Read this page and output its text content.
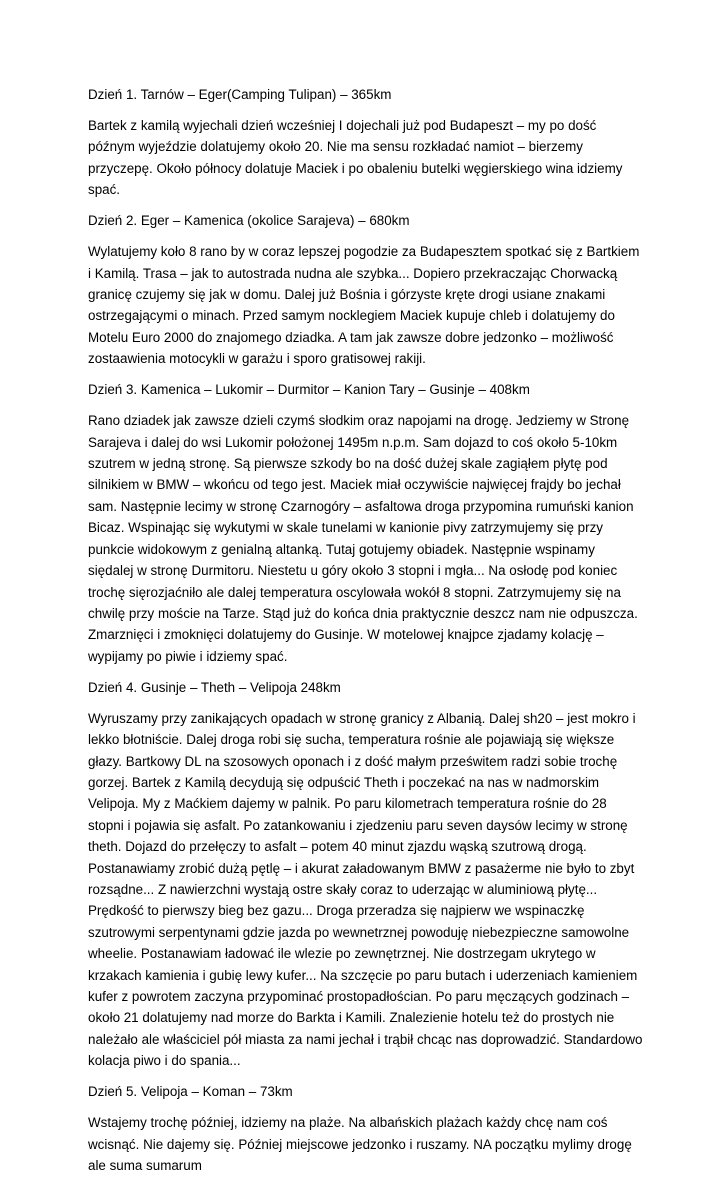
Dzień 1. Tarnów – Eger(Camping Tulipan) – 365km

Bartek z kamilą wyjechali dzień wcześniej I dojechali już pod Budapeszt – my po dość późnym wyjeździe dolatujemy około 20. Nie ma sensu rozkładać namiot – bierzemy przyczepę. Około północy dolatuje Maciek i po obaleniu butelki węgierskiego wina idziemy spać.

Dzień 2. Eger – Kamenica (okolice Sarajeva) – 680km

Wylatujemy koło 8 rano by w coraz lepszej pogodzie za Budapesztem spotkać się z Bartkiem i Kamilą. Trasa – jak to autostrada nudna ale szybka... Dopiero przekraczając Chorwacką granicę czujemy się jak w domu. Dalej już Bośnia i górzyste kręte drogi usiane znakami ostrzegającymi o minach. Przed samym nocklegiem Maciek kupuje chleb i dolatujemy do Motelu Euro 2000 do znajomego dziadka. A tam jak zawsze dobre jedzonko – możliwość zostaawienia motocykli w garażu i sporo gratisowej rakiji.

Dzień 3. Kamenica – Lukomir – Durmitor – Kanion Tary – Gusinje – 408km

Rano dziadek jak zawsze dzieli czymś słodkim oraz napojami na drogę. Jedziemy w Stronę Sarajeva i dalej do wsi Lukomir położonej 1495m n.p.m. Sam dojazd to coś około 5-10km szutrem w jedną stronę. Są pierwsze szkody bo na dość dużej skale zagiąłem płytę pod silnikiem w BMW – wkońcu od tego jest. Maciek miał oczywiście najwięcej frajdy bo jechał sam. Następnie lecimy w stronę Czarnogóry – asfaltowa droga przypomina rumuński kanion Bicaz. Wspinając się wykutymi w skale tunelami w kanionie pivy zatrzymujemy się przy punkcie widokowym z genialną altanką. Tutaj gotujemy obiadek. Następnie wspinamy siędalej w stronę Durmitoru. Niestetu u góry około 3 stopni i mgła... Na osłodę pod koniec trochę sięrozjaćniło ale dalej temperatura oscylowała wokół 8 stopni. Zatrzymujemy się na chwilę przy moście na Tarze. Stąd już do końca dnia praktycznie deszcz nam nie odpuszcza. Zmarznięci i zmoknięci dolatujemy do Gusinje. W motelowej knajpce zjadamy kolację – wypijamy po piwie i idziemy spać.

Dzień 4. Gusinje – Theth – Velipoja 248km

Wyruszamy przy zanikających opadach w stronę granicy z Albanią. Dalej sh20 – jest mokro i lekko błotniście. Dalej droga robi się sucha, temperatura rośnie ale pojawiają się większe głazy. Bartkowy DL na szosowych oponach i z dość małym prześwitem radzi sobie trochę gorzej. Bartek z Kamilą decydują się odpuścić Theth i poczekać na nas w nadmorskim Velipoja. My z Maćkiem dajemy w palnik. Po paru kilometrach temperatura rośnie do 28 stopni i pojawia się asfalt. Po zatankowaniu i zjedzeniu paru seven daysów lecimy w stronę theth. Dojazd do przełęczy to asfalt – potem 40 minut zjazdu wąską szutrową drogą. Postanawiamy zrobić dużą pętlę – i akurat załadowanym BMW z pasażerme nie było to zbyt rozsądne... Z nawierzchni wystają ostre skały coraz to uderzając w aluminiową płytę... Prędkość to pierwszy bieg bez gazu... Droga przeradza się najpierw we wspinaczkę szutrowymi serpentynami gdzie jazda po wewnetrznej powoduję niebezpieczne samowolne wheelie. Postanawiam ładować ile wlezie po zewnętrznej. Nie dostrzegam ukrytego w krzakach kamienia i gubię lewy kufer... Na szczęcie po paru butach i uderzeniach kamieniem kufer z powrotem zaczyna przypominać prostopadłościan. Po paru męczących godzinach – około 21 dolatujemy nad morze do Barkta i Kamili. Znalezienie hotelu też do prostych nie należało ale właściciel pół miasta za nami jechał i trąbił chcąc nas doprowadzić. Standardowo kolacja piwo i do spania...

Dzień 5. Velipoja – Koman – 73km

Wstajemy trochę później, idziemy na plaże. Na albańskich plażach każdy chcę nam coś wcisnąć. Nie dajemy się. Później miejscowe jedzonko i ruszamy. NA początku mylimy drogę ale suma sumarum
